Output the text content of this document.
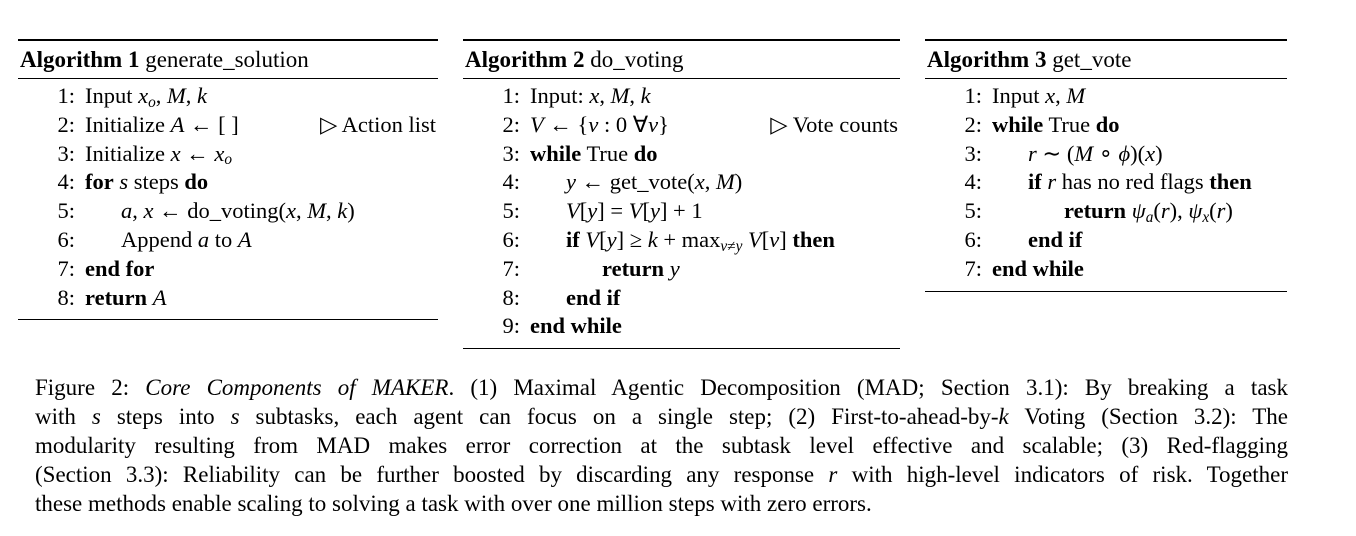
Algorithm 1 generate_solution
1: Input $x_o$, M, k
2: Initialize A ← [ ]	▷ Action list
3: Initialize x ← $x_o$
4: for s steps do
5:	a, x ← do_voting(x, M, k)
6:	Append a to A
7: end for
8: return A
Algorithm 2 do_voting
1: Input: x, M, k
2: V ← {v : 0 ∀v}	▷ Vote counts
3: while True do
4:	y ← get_vote(x, M)
5:	V[y] = V[y] + 1
6:	if $V[y] \ge k + \max_{v\ne y} V[v]$ then
7:	return y
8:	end if
9: end while
Algorithm 3 get_vote
1: Input x, M
2: while True do
3:	r ∼ (M ∘ ϕ)(x)
4:	if r has no red flags then
5:	return $\psi_a(r)$, $\psi_x(r)$
6:	end if
7: end while
Figure 2: Core Components of MAKER. (1) Maximal Agentic Decomposition (MAD; Section 3.1): By breaking a task
with s steps into s subtasks, each agent can focus on a single step; (2) First-to-ahead-by-k Voting (Section 3.2): The
modularity resulting from MAD makes error correction at the subtask level effective and scalable; (3) Red-flagging
(Section 3.3): Reliability can be further boosted by discarding any response r with high-level indicators of risk. Together
these methods enable scaling to solving a task with over one million steps with zero errors.
